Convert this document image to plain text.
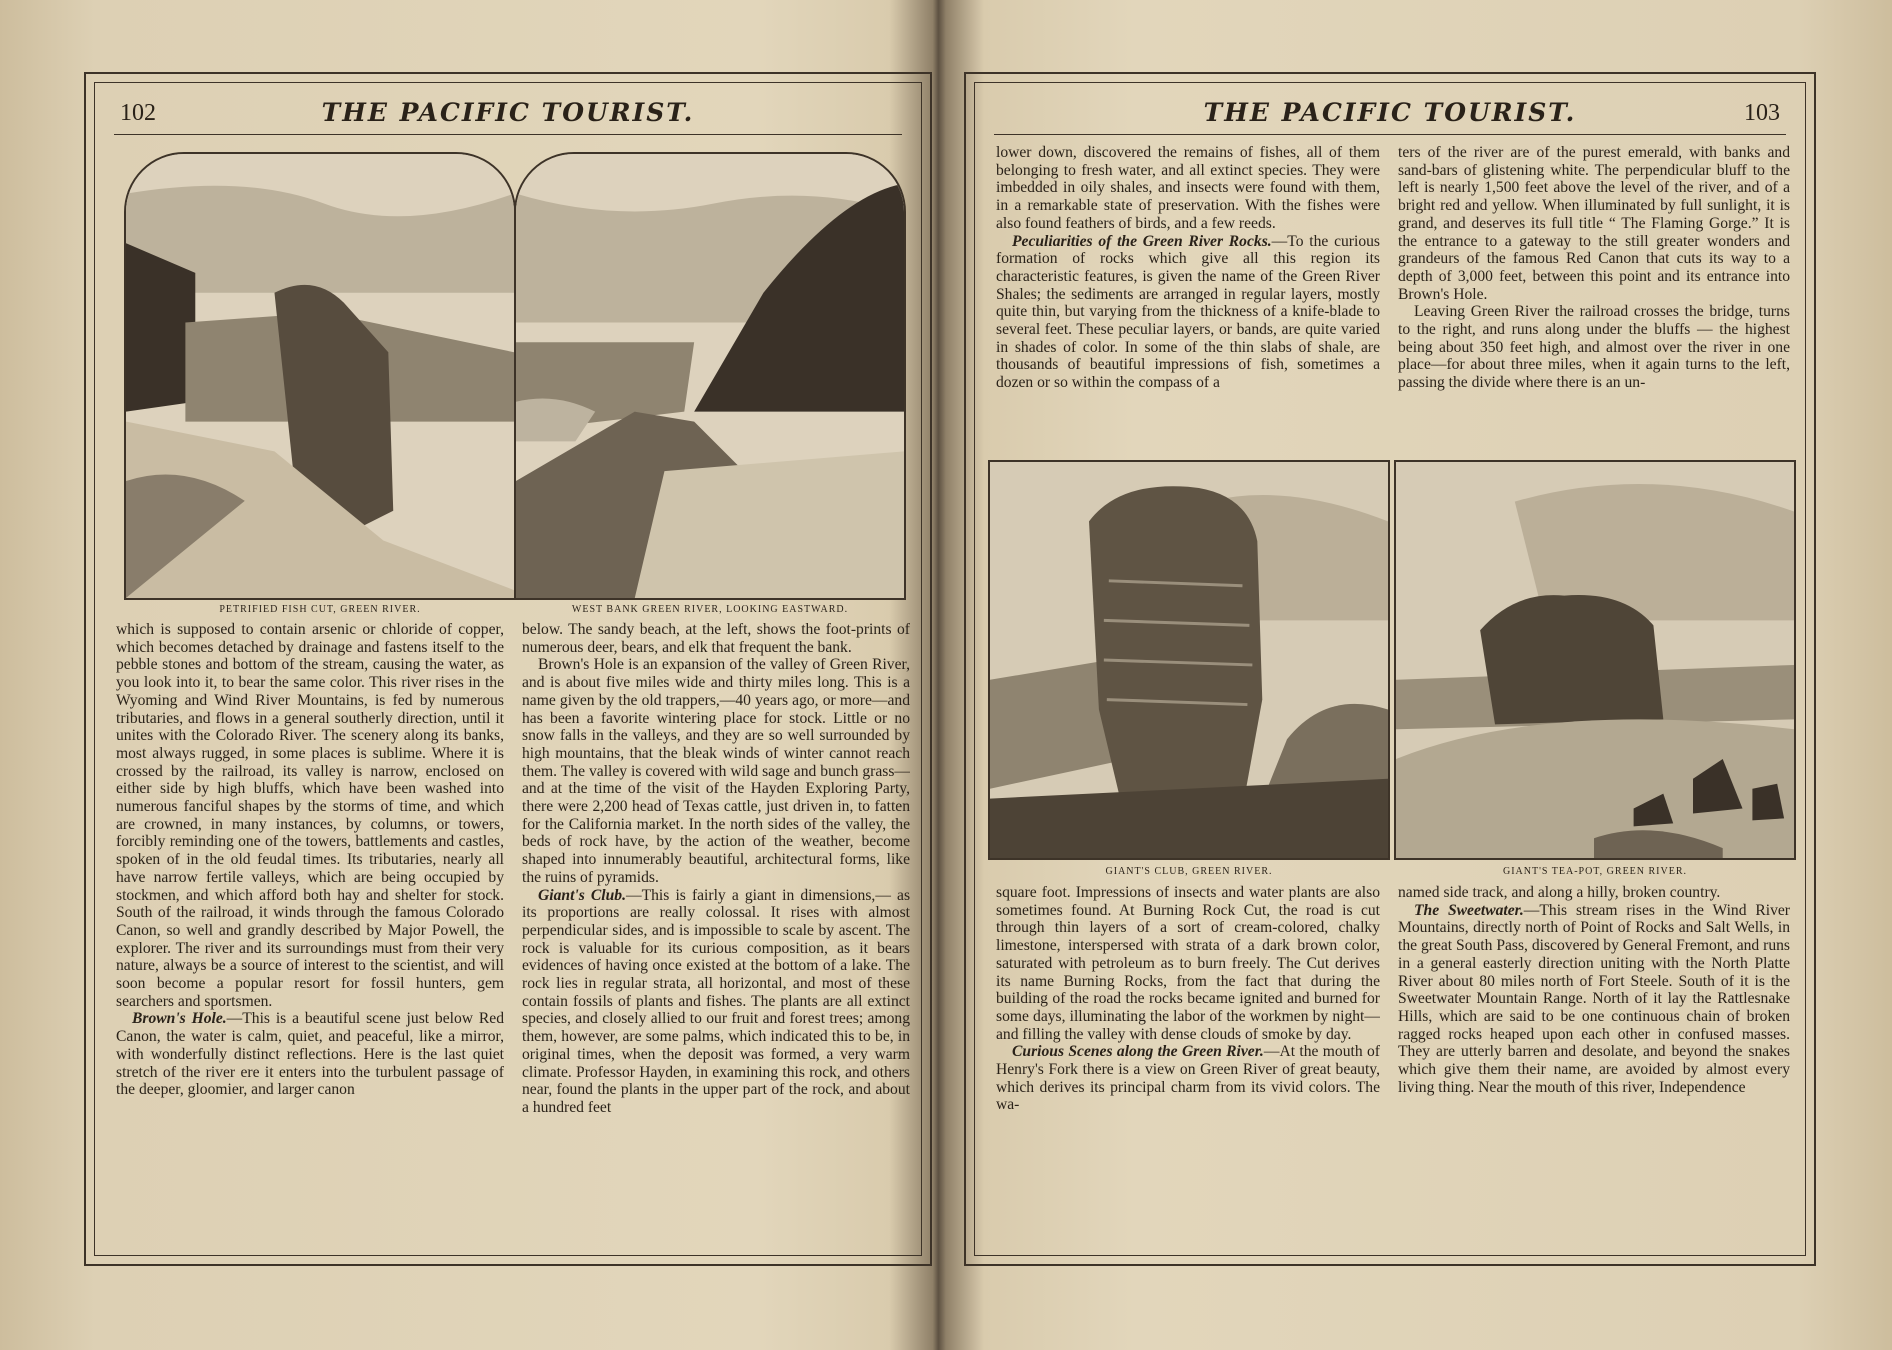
102	THE PACIFIC TOURIST.
PETRIFIED FISH CUT, GREEN RIVER.	WEST BANK GREEN RIVER, LOOKING EASTWARD.

which is supposed to contain arsenic or chloride of copper, which becomes detached by drainage and fastens itself to the pebble stones and bottom of the stream, causing the water, as you look into it, to bear the same color. This river rises in the Wyoming and Wind River Mountains, is fed by numerous tributaries, and flows in a general southerly direction, until it unites with the Colorado River. The scenery along its banks, most always rugged, in some places is sublime. Where it is crossed by the railroad, its valley is narrow, enclosed on either side by high bluffs, which have been washed into numerous fanciful shapes by the storms of time, and which are crowned, in many instances, by columns, or towers, forcibly reminding one of the towers, battlements and castles, spoken of in the old feudal times. Its tributaries, nearly all have narrow fertile valleys, which are being occupied by stockmen, and which afford both hay and shelter for stock. South of the railroad, it winds through the famous Colorado Canon, so well and grandly described by Major Powell, the explorer. The river and its surroundings must from their very nature, always be a source of interest to the scientist, and will soon become a popular resort for fossil hunters, gem searchers and sportsmen.

Brown's Hole.—This is a beautiful scene just below Red Canon, the water is calm, quiet, and peaceful, like a mirror, with wonderfully distinct reflections. Here is the last quiet stretch of the river ere it enters into the turbulent passage of the deeper, gloomier, and larger canon

below. The sandy beach, at the left, shows the foot-prints of numerous deer, bears, and elk that frequent the bank.

Brown's Hole is an expansion of the valley of Green River, and is about five miles wide and thirty miles long. This is a name given by the old trappers,—40 years ago, or more—and has been a favorite wintering place for stock. Little or no snow falls in the valleys, and they are so well surrounded by high mountains, that the bleak winds of winter cannot reach them. The valley is covered with wild sage and bunch grass—and at the time of the visit of the Hayden Exploring Party, there were 2,200 head of Texas cattle, just driven in, to fatten for the California market. In the north sides of the valley, the beds of rock have, by the action of the weather, become shaped into innumerably beautiful, architectural forms, like the ruins of pyramids.

Giant's Club.—This is fairly a giant in dimensions,— as its proportions are really colossal. It rises with almost perpendicular sides, and is impossible to scale by ascent. The rock is valuable for its curious composition, as it bears evidences of having once existed at the bottom of a lake. The rock lies in regular strata, all horizontal, and most of these contain fossils of plants and fishes. The plants are all extinct species, and closely allied to our fruit and forest trees; among them, however, are some palms, which indicated this to be, in original times, when the deposit was formed, a very warm climate. Professor Hayden, in examining this rock, and others near, found the plants in the upper part of the rock, and about a hundred feet

THE PACIFIC TOURIST.	103

lower down, discovered the remains of fishes, all of them belonging to fresh water, and all extinct species. They were imbedded in oily shales, and insects were found with them, in a remarkable state of preservation. With the fishes were also found feathers of birds, and a few reeds.

Peculiarities of the Green River Rocks.—To the curious formation of rocks which give all this region its characteristic features, is given the name of the Green River Shales; the sediments are arranged in regular layers, mostly quite thin, but varying from the thickness of a knife-blade to several feet. These peculiar layers, or bands, are quite varied in shades of color. In some of the thin slabs of shale, are thousands of beautiful impressions of fish, sometimes a dozen or so within the compass of a

ters of the river are of the purest emerald, with banks and sand-bars of glistening white. The perpendicular bluff to the left is nearly 1,500 feet above the level of the river, and of a bright red and yellow. When illuminated by full sunlight, it is grand, and deserves its full title “ The Flaming Gorge.” It is the entrance to a gateway to the still greater wonders and grandeurs of the famous Red Canon that cuts its way to a depth of 3,000 feet, between this point and its entrance into Brown's Hole.

Leaving Green River the railroad crosses the bridge, turns to the right, and runs along under the bluffs — the highest being about 350 feet high, and almost over the river in one place—for about three miles, when it again turns to the left, passing the divide where there is an un-

GIANT'S CLUB, GREEN RIVER.	GIANT'S TEA-POT, GREEN RIVER.

square foot. Impressions of insects and water plants are also sometimes found. At Burning Rock Cut, the road is cut through thin layers of a sort of cream-colored, chalky limestone, interspersed with strata of a dark brown color, saturated with petroleum as to burn freely. The Cut derives its name Burning Rocks, from the fact that during the building of the road the rocks became ignited and burned for some days, illuminating the labor of the workmen by night—and filling the valley with dense clouds of smoke by day.

Curious Scenes along the Green River.—At the mouth of Henry's Fork there is a view on Green River of great beauty, which derives its principal charm from its vivid colors. The wa-

named side track, and along a hilly, broken country.

The Sweetwater.—This stream rises in the Wind River Mountains, directly north of Point of Rocks and Salt Wells, in the great South Pass, discovered by General Fremont, and runs in a general easterly direction uniting with the North Platte River about 80 miles north of Fort Steele. South of it is the Sweetwater Mountain Range. North of it lay the Rattlesnake Hills, which are said to be one continuous chain of broken ragged rocks heaped upon each other in confused masses. They are utterly barren and desolate, and beyond the snakes which give them their name, are avoided by almost every living thing. Near the mouth of this river, Independence
